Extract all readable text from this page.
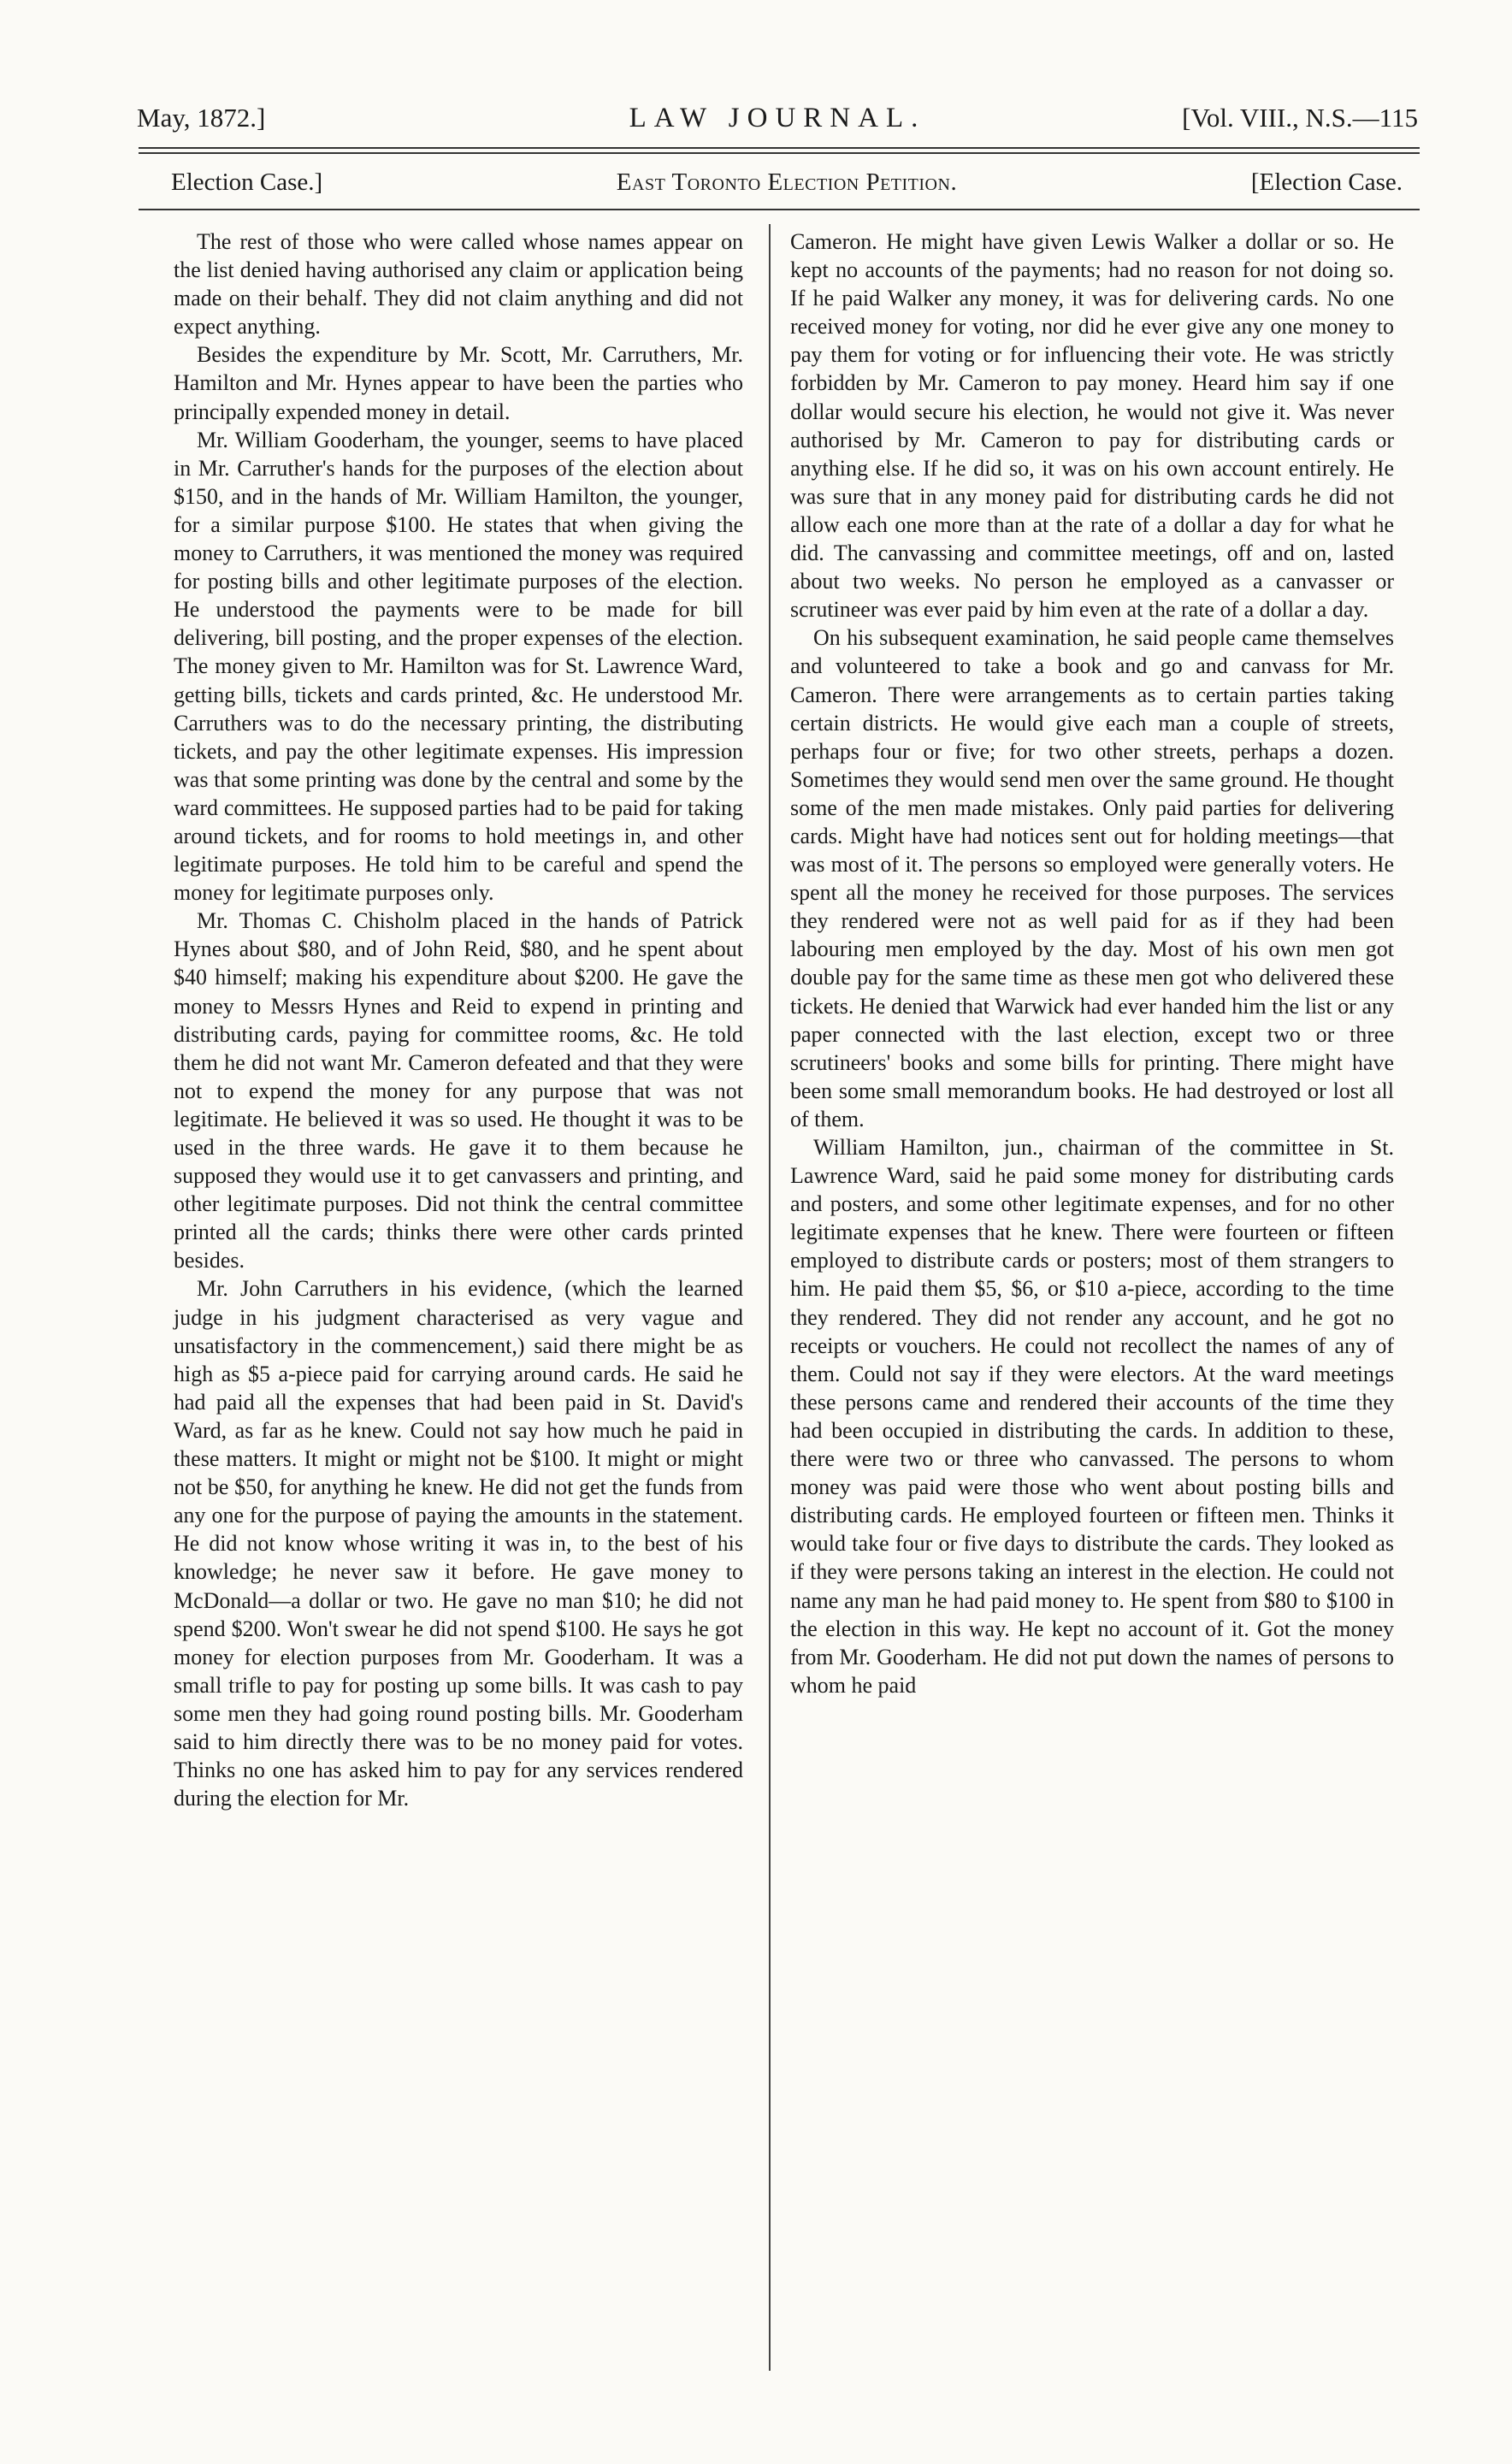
May, 1872.]	LAW JOURNAL.	[Vol. VIII., N.S.—115
Election Case.]	East Toronto Election Petition.	[Election Case.

The rest of those who were called whose names appear on the list denied having authorised any claim or application being made on their behalf. They did not claim anything and did not expect anything.

Besides the expenditure by Mr. Scott, Mr. Carruthers, Mr. Hamilton and Mr. Hynes appear to have been the parties who principally expended money in detail.

Mr. William Gooderham, the younger, seems to have placed in Mr. Carruther's hands for the purposes of the election about $150, and in the hands of Mr. William Hamilton, the younger, for a similar purpose $100. He states that when giving the money to Carruthers, it was mentioned the money was required for posting bills and other legitimate purposes of the election. He understood the payments were to be made for bill delivering, bill posting, and the proper expenses of the election. The money given to Mr. Hamilton was for St. Lawrence Ward, getting bills, tickets and cards printed, &c. He understood Mr. Carruthers was to do the necessary printing, the distributing tickets, and pay the other legitimate expenses. His impression was that some printing was done by the central and some by the ward committees. He supposed parties had to be paid for taking around tickets, and for rooms to hold meetings in, and other legitimate purposes. He told him to be careful and spend the money for legitimate purposes only.

Mr. Thomas C. Chisholm placed in the hands of Patrick Hynes about $80, and of John Reid, $80, and he spent about $40 himself; making his expenditure about $200. He gave the money to Messrs Hynes and Reid to expend in printing and distributing cards, paying for committee rooms, &c. He told them he did not want Mr. Cameron defeated and that they were not to expend the money for any purpose that was not legitimate. He believed it was so used. He thought it was to be used in the three wards. He gave it to them because he supposed they would use it to get canvassers and printing, and other legitimate purposes. Did not think the central committee printed all the cards; thinks there were other cards printed besides.

Mr. John Carruthers in his evidence, (which the learned judge in his judgment characterised as very vague and unsatisfactory in the commencement,) said there might be as high as $5 a-piece paid for carrying around cards. He said he had paid all the expenses that had been paid in St. David's Ward, as far as he knew. Could not say how much he paid in these matters. It might or might not be $100. It might or might not be $50, for anything he knew. He did not get the funds from any one for the purpose of paying the amounts in the statement. He did not know whose writing it was in, to the best of his knowledge; he never saw it before. He gave money to McDonald—a dollar or two. He gave no man $10; he did not spend $200. Won't swear he did not spend $100. He says he got money for election purposes from Mr. Gooderham. It was a small trifle to pay for posting up some bills. It was cash to pay some men they had going round posting bills. Mr. Gooderham said to him directly there was to be no money paid for votes. Thinks no one has asked him to pay for any services rendered during the election for Mr.

Cameron. He might have given Lewis Walker a dollar or so. He kept no accounts of the payments; had no reason for not doing so. If he paid Walker any money, it was for delivering cards. No one received money for voting, nor did he ever give any one money to pay them for voting or for influencing their vote. He was strictly forbidden by Mr. Cameron to pay money. Heard him say if one dollar would secure his election, he would not give it. Was never authorised by Mr. Cameron to pay for distributing cards or anything else. If he did so, it was on his own account entirely. He was sure that in any money paid for distributing cards he did not allow each one more than at the rate of a dollar a day for what he did. The canvassing and committee meetings, off and on, lasted about two weeks. No person he employed as a canvasser or scrutineer was ever paid by him even at the rate of a dollar a day.

On his subsequent examination, he said people came themselves and volunteered to take a book and go and canvass for Mr. Cameron. There were arrangements as to certain parties taking certain districts. He would give each man a couple of streets, perhaps four or five; for two other streets, perhaps a dozen. Sometimes they would send men over the same ground. He thought some of the men made mistakes. Only paid parties for delivering cards. Might have had notices sent out for holding meetings—that was most of it. The persons so employed were generally voters. He spent all the money he received for those purposes. The services they rendered were not as well paid for as if they had been labouring men employed by the day. Most of his own men got double pay for the same time as these men got who delivered these tickets. He denied that Warwick had ever handed him the list or any paper connected with the last election, except two or three scrutineers' books and some bills for printing. There might have been some small memorandum books. He had destroyed or lost all of them.

William Hamilton, jun., chairman of the committee in St. Lawrence Ward, said he paid some money for distributing cards and posters, and some other legitimate expenses, and for no other legitimate expenses that he knew. There were fourteen or fifteen employed to distribute cards or posters; most of them strangers to him. He paid them $5, $6, or $10 a-piece, according to the time they rendered. They did not render any account, and he got no receipts or vouchers. He could not recollect the names of any of them. Could not say if they were electors. At the ward meetings these persons came and rendered their accounts of the time they had been occupied in distributing the cards. In addition to these, there were two or three who canvassed. The persons to whom money was paid were those who went about posting bills and distributing cards. He employed fourteen or fifteen men. Thinks it would take four or five days to distribute the cards. They looked as if they were persons taking an interest in the election. He could not name any man he had paid money to. He spent from $80 to $100 in the election in this way. He kept no account of it. Got the money from Mr. Gooderham. He did not put down the names of persons to whom he paid
